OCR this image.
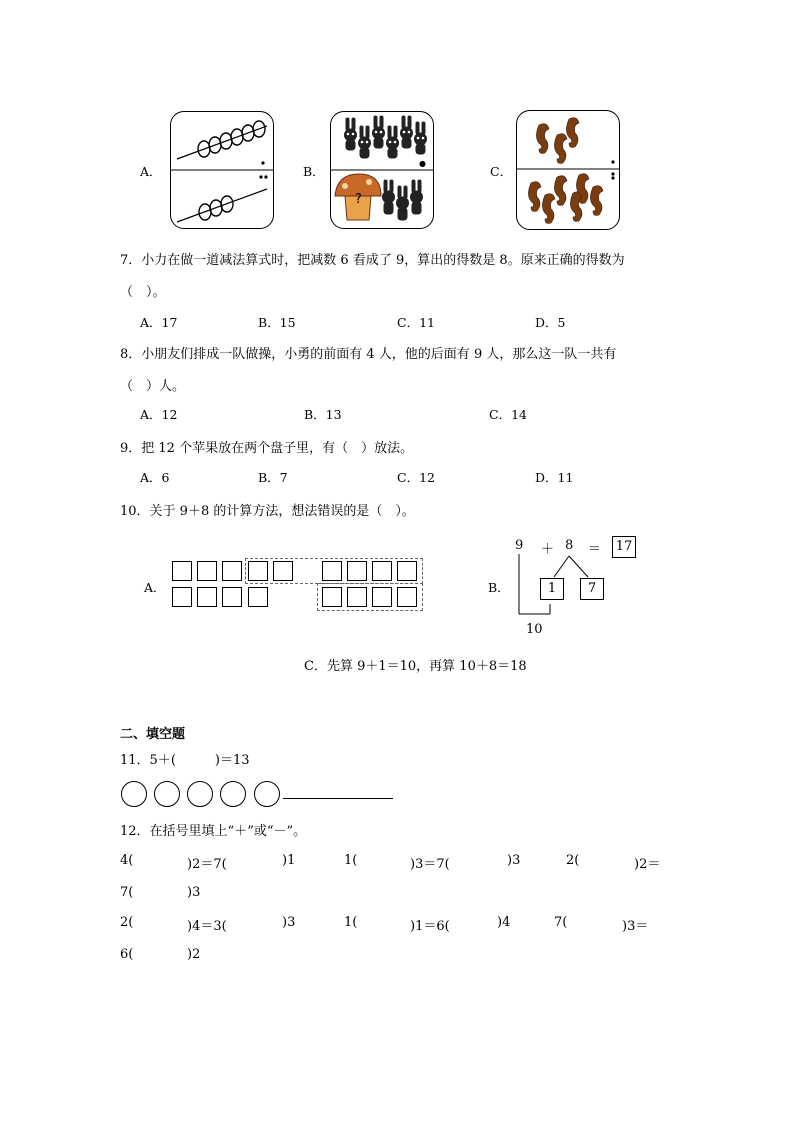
A．	B．
?
●
C．
7．小力在做一道减法算式时，把减数 6 看成了 9，算出的得数是 8。原来正确的得数为
（　）。
A．17	B．15	C．11	D．5
8．小朋友们排成一队做操，小勇的前面有 4 人，他的后面有 9 人，那么这一队一共有
（　）人。
A．12	B．13	C．14
9．把 12 个苹果放在两个盘子里，有（　）放法。
A．6	B．7	C．12	D．11
10．关于 9＋8 的计算方法，想法错误的是（　）。
A．	B．
9 ＋ 8 ＝ 17
1	7
10
C．先算 9＋1＝10，再算 10＋8＝18
二、填空题
11．5＋(　　　)＝13
12．在括号里填上“＋”或“－”。
4(	)2＝7(	)1	1(	)3＝7(	)3	2(	)2＝
7(	)3
2(	)4＝3(	)3	1(	)1＝6(	)4	7(	)3＝
6(	)2
